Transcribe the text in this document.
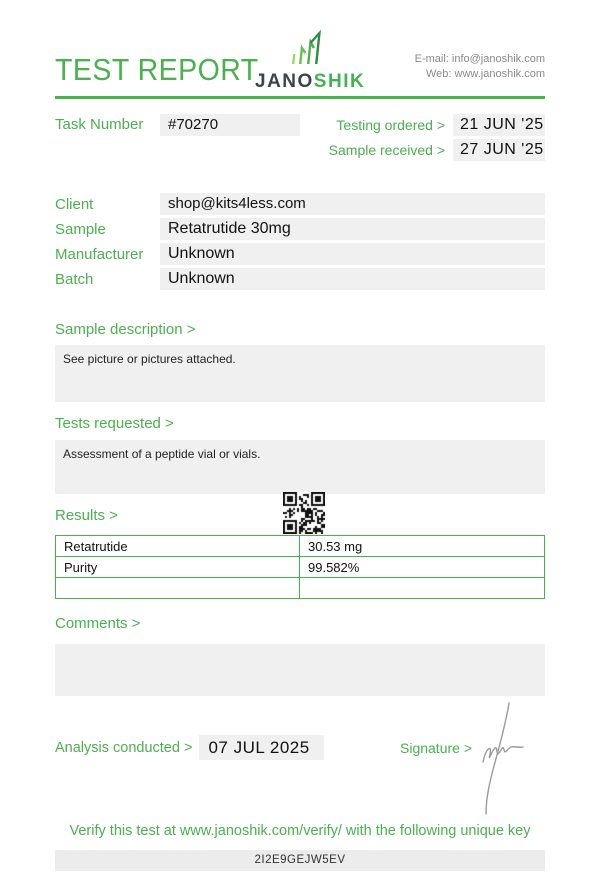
TEST REPORT
JANOSHIK
E-mail: info@janoshik.com
Web: www.janoshik.com
Task Number	#70270	Testing ordered > 21 JUN '25
Sample received > 27 JUN '25
Client	shop@kits4less.com
Sample	Retatrutide 30mg
Manufacturer	Unknown
Batch	Unknown
Sample description >
See picture or pictures attached.
Tests requested >
Assessment of a peptide vial or vials.
Results >
Retatrutide	30.53 mg
Purity	99.582%

Comments >
Analysis conducted > 07 JUL 2025	Signature >
Verify this test at www.janoshik.com/verify/ with the following unique key
2I2E9GEJW5EV
